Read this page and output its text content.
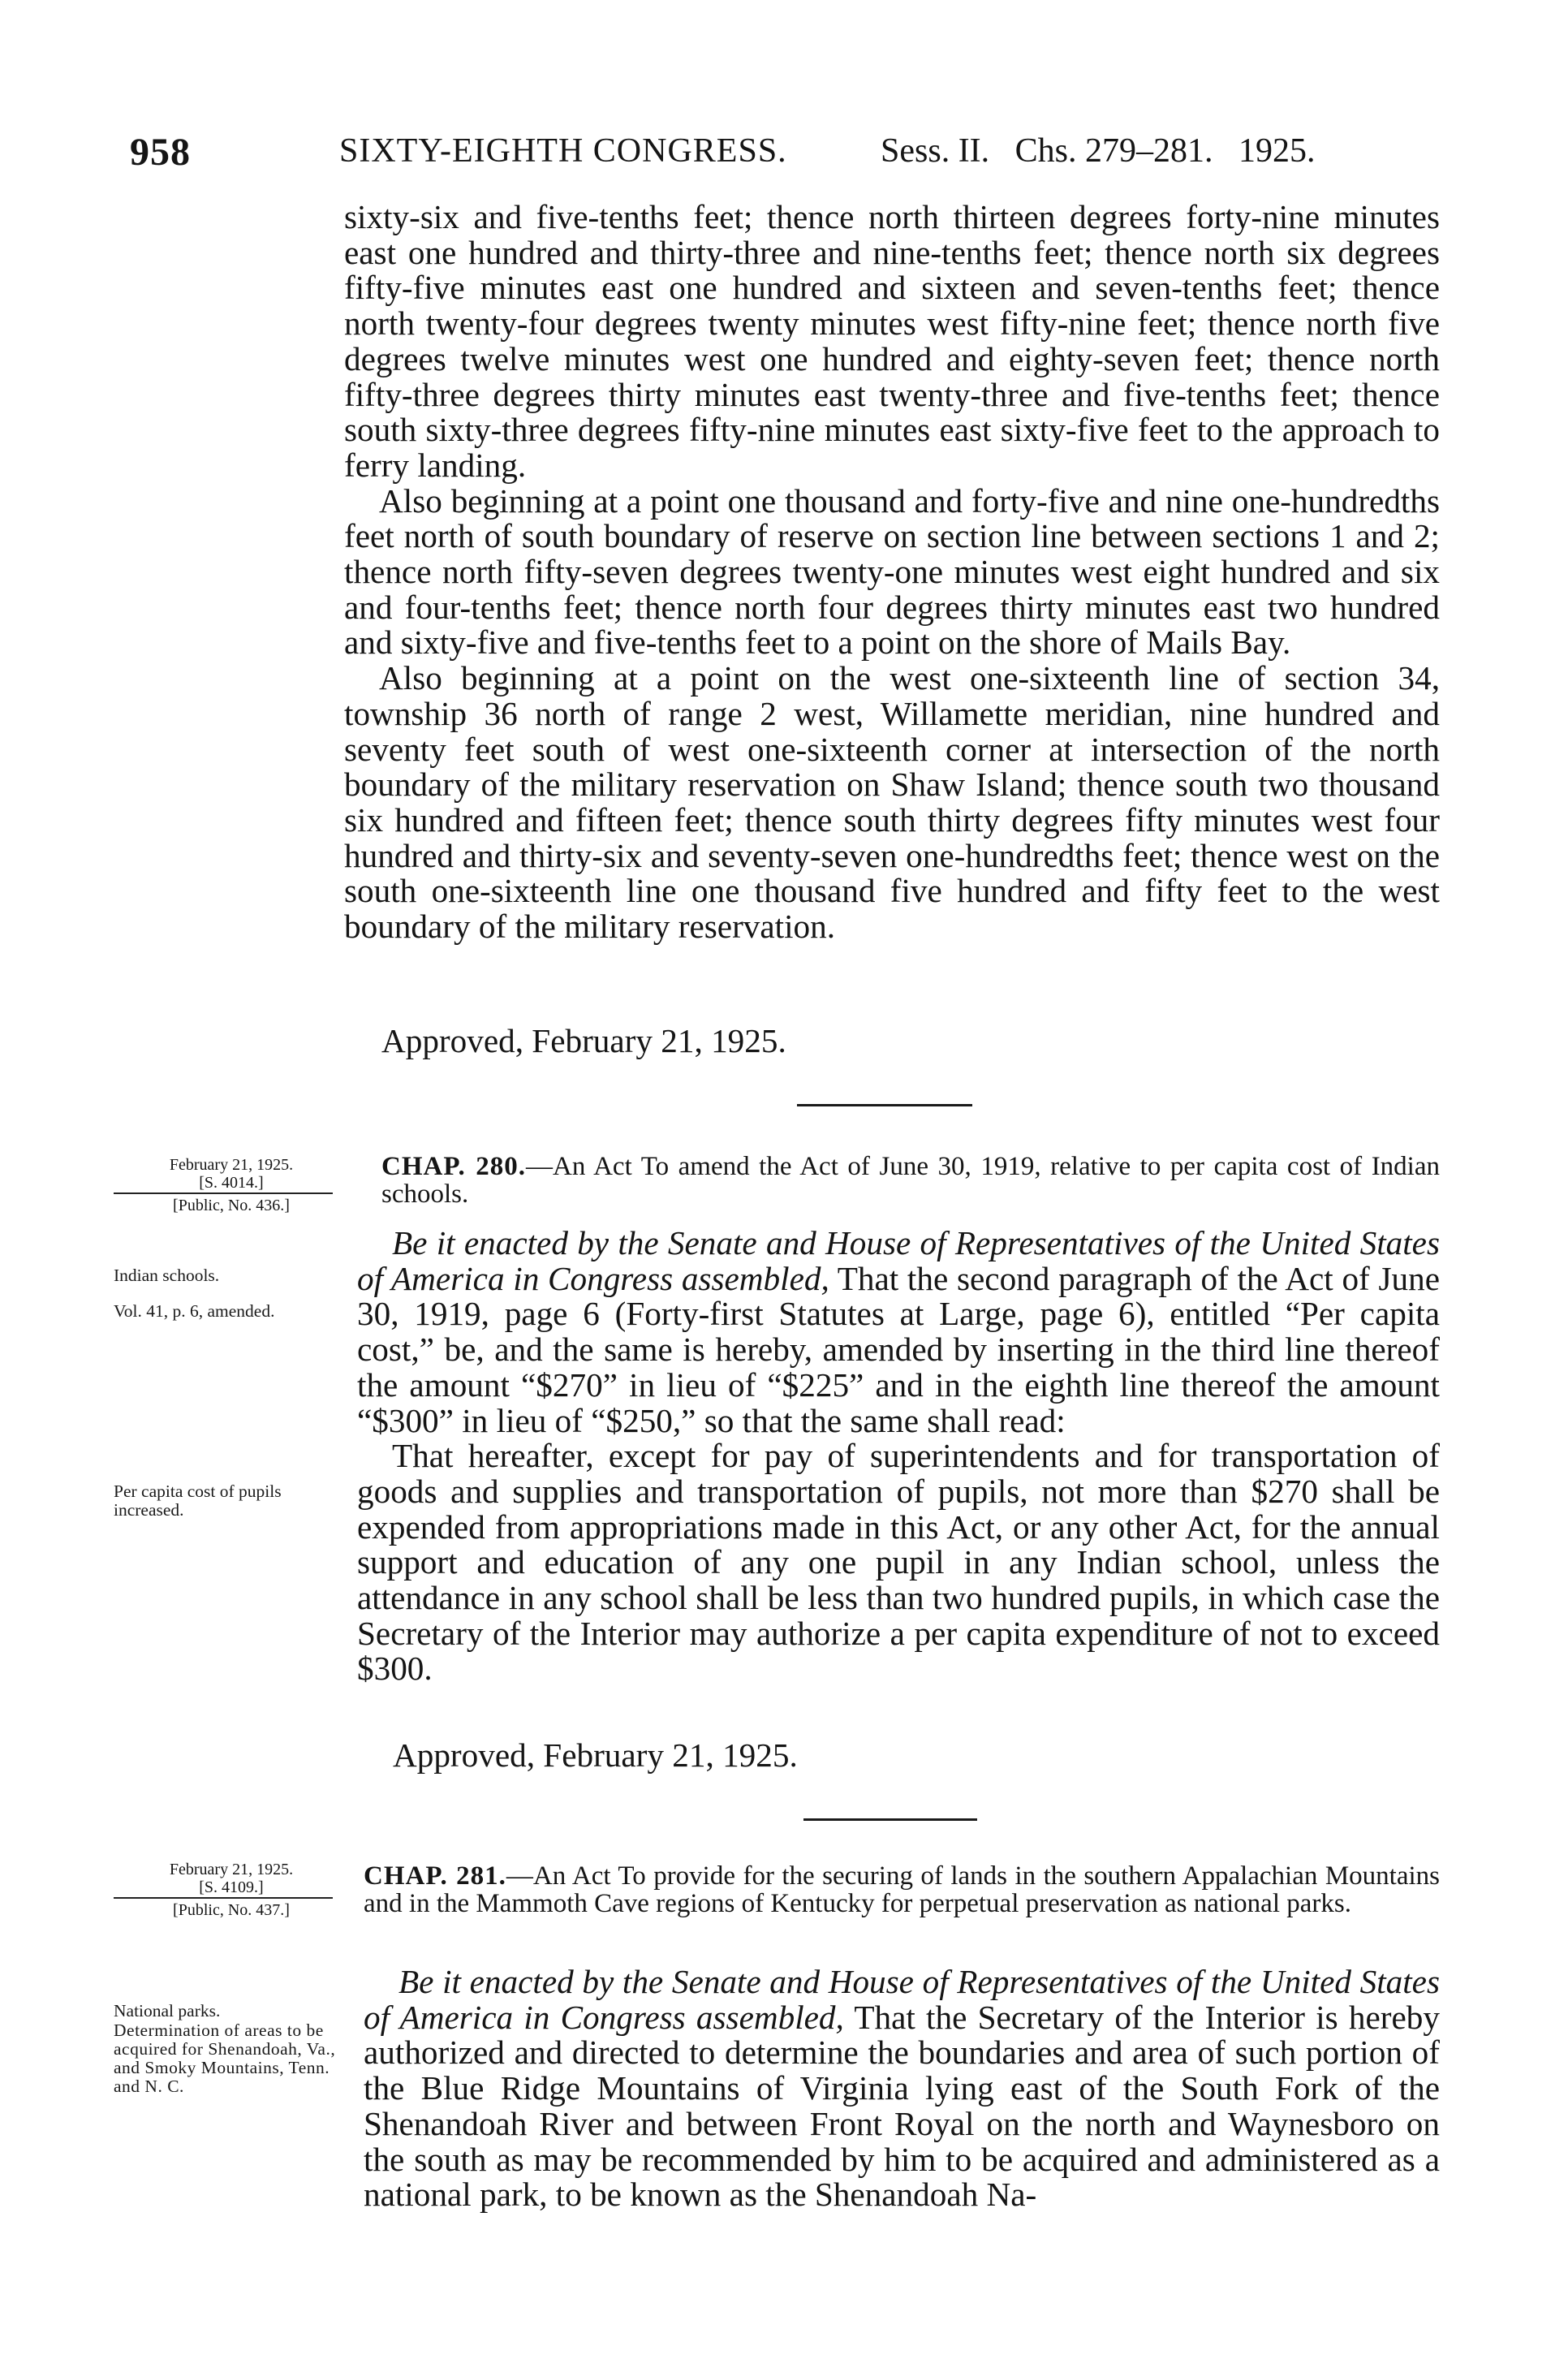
958	SIXTY-EIGHTH CONGRESS.	Sess. II. Chs. 279–281. 1925.

sixty-six and five-tenths feet; thence north thirteen degrees forty-nine minutes east one hundred and thirty-three and nine-tenths feet; thence north six degrees fifty-five minutes east one hundred and sixteen and seven-tenths feet; thence north twenty-four degrees twenty minutes west fifty-nine feet; thence north five degrees twelve minutes west one hundred and eighty-seven feet; thence north fifty-three degrees thirty minutes east twenty-three and five-tenths feet; thence south sixty-three degrees fifty-nine minutes east sixty-five feet to the approach to ferry landing.

Also beginning at a point one thousand and forty-five and nine one-hundredths feet north of south boundary of reserve on section line between sections 1 and 2; thence north fifty-seven degrees twenty-one minutes west eight hundred and six and four-tenths feet; thence north four degrees thirty minutes east two hundred and sixty-five and five-tenths feet to a point on the shore of Mails Bay.

Also beginning at a point on the west one-sixteenth line of section 34, township 36 north of range 2 west, Willamette meridian, nine hundred and seventy feet south of west one-sixteenth corner at intersection of the north boundary of the military reservation on Shaw Island; thence south two thousand six hundred and fifteen feet; thence south thirty degrees fifty minutes west four hundred and thirty-six and seventy-seven one-hundredths feet; thence west on the south one-sixteenth line one thousand five hundred and fifty feet to the west boundary of the military reservation.

Approved, February 21, 1925.

February 21, 1925.
[S. 4014.]
[Public, No. 436.]

CHAP. 280.—An Act To amend the Act of June 30, 1919, relative to per capita cost of Indian schools.

Be it enacted by the Senate and House of Representatives of the United States of America in Congress assembled, That the second paragraph of the Act of June 30, 1919, page 6 (Forty-first Statutes at Large, page 6), entitled “Per capita cost,” be, and the same is hereby, amended by inserting in the third line thereof the amount “$270” in lieu of “$225” and in the eighth line thereof the amount “$300” in lieu of “$250,” so that the same shall read:

That hereafter, except for pay of superintendents and for transportation of goods and supplies and transportation of pupils, not more than $270 shall be expended from appropriations made in this Act, or any other Act, for the annual support and education of any one pupil in any Indian school, unless the attendance in any school shall be less than two hundred pupils, in which case the Secretary of the Interior may authorize a per capita expenditure of not to exceed $300.

Approved, February 21, 1925.

Indian schools.
Vol. 41, p. 6, amended.
Per capita cost of pupils increased.
February 21, 1925.
[S. 4109.]
[Public, No. 437.]

CHAP. 281.—An Act To provide for the securing of lands in the southern Appalachian Mountains and in the Mammoth Cave regions of Kentucky for perpetual preservation as national parks.

Be it enacted by the Senate and House of Representatives of the United States of America in Congress assembled, That the Secretary of the Interior is hereby authorized and directed to determine the boundaries and area of such portion of the Blue Ridge Mountains of Virginia lying east of the South Fork of the Shenandoah River and between Front Royal on the north and Waynesboro on the south as may be recommended by him to be acquired and administered as a national park, to be known as the Shenandoah Na-

National parks.
Determination of areas to be acquired for Shenandoah, Va., and Smoky Mountains, Tenn. and N. C.
